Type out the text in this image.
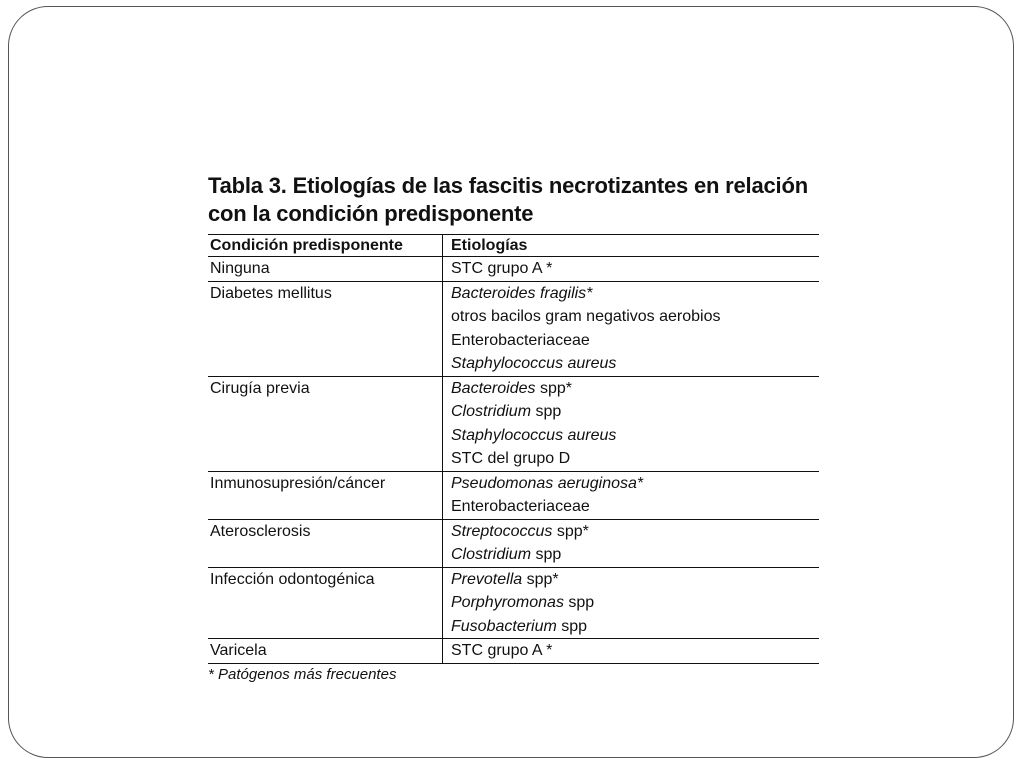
Tabla 3. Etiologías de las fascitis necrotizantes en relación
con la condición predisponente
Condición predisponente	Etiologías
Ninguna	STC grupo A *

Diabetes mellitus	Bacteroides fragilis*
otros bacilos gram negativos aerobios
Enterobacteriaceae
Staphylococcus aureus

Cirugía previa	Bacteroides spp*
Clostridium spp
Staphylococcus aureus
STC del grupo D

Inmunosupresión/cáncer	Pseudomonas aeruginosa*
Enterobacteriaceae

Aterosclerosis	Streptococcus spp*
Clostridium spp

Infección odontogénica	Prevotella spp*
Porphyromonas spp
Fusobacterium spp

Varicela	STC grupo A *
* Patógenos más frecuentes
